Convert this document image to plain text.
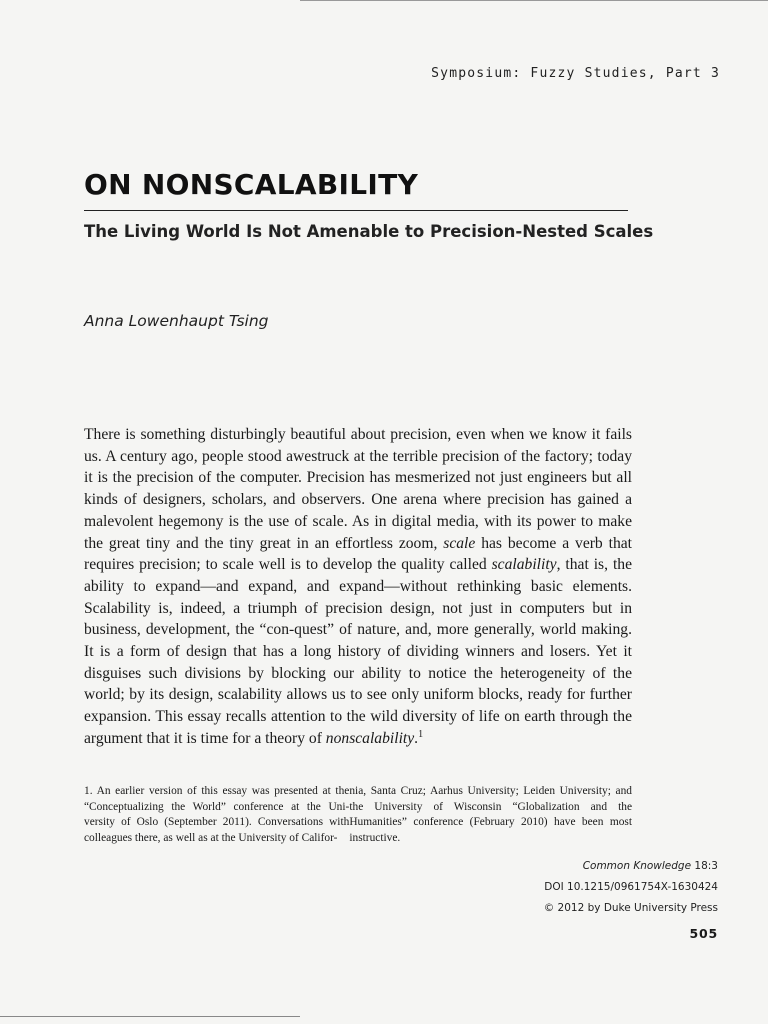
Symposium: Fuzzy Studies, Part 3
ON NONSCALABILITY
The Living World Is Not Amenable to Precision-Nested Scales
Anna Lowenhaupt Tsing

There is something disturbingly beautiful about precision, even when we know it fails us. A century ago, people stood awestruck at the terrible precision of the factory; today it is the precision of the computer. Precision has mesmerized not just engineers but all kinds of designers, scholars, and observers. One arena where precision has gained a malevolent hegemony is the use of scale. As in digital media, with its power to make the great tiny and the tiny great in an effortless zoom, scale has become a verb that requires precision; to scale well is to develop the quality called scalability, that is, the ability to expand—and expand, and expand—without rethinking basic elements. Scalability is, indeed, a triumph of precision design, not just in computers but in business, development, the “con-quest” of nature, and, more generally, world making. It is a form of design that has a long history of dividing winners and losers. Yet it disguises such divisions by blocking our ability to notice the heterogeneity of the world; by its design, scalability allows us to see only uniform blocks, ready for further expansion. This essay recalls attention to the wild diversity of life on earth through the argument that it is time for a theory of nonscalability.$^1$

1. An earlier version of this essay was presented at the “Conceptualizing the World” conference at the Uni-versity of Oslo (September 2011). Conversations with colleagues there, as well as at the University of Califor-

nia, Santa Cruz; Aarhus University; Leiden University; and the University of Wisconsin “Globalization and the Humanities” conference (February 2010) have been most instructive.

Common Knowledge 18:3
DOI 10.1215/0961754X-1630424
© 2012 by Duke University Press
505
